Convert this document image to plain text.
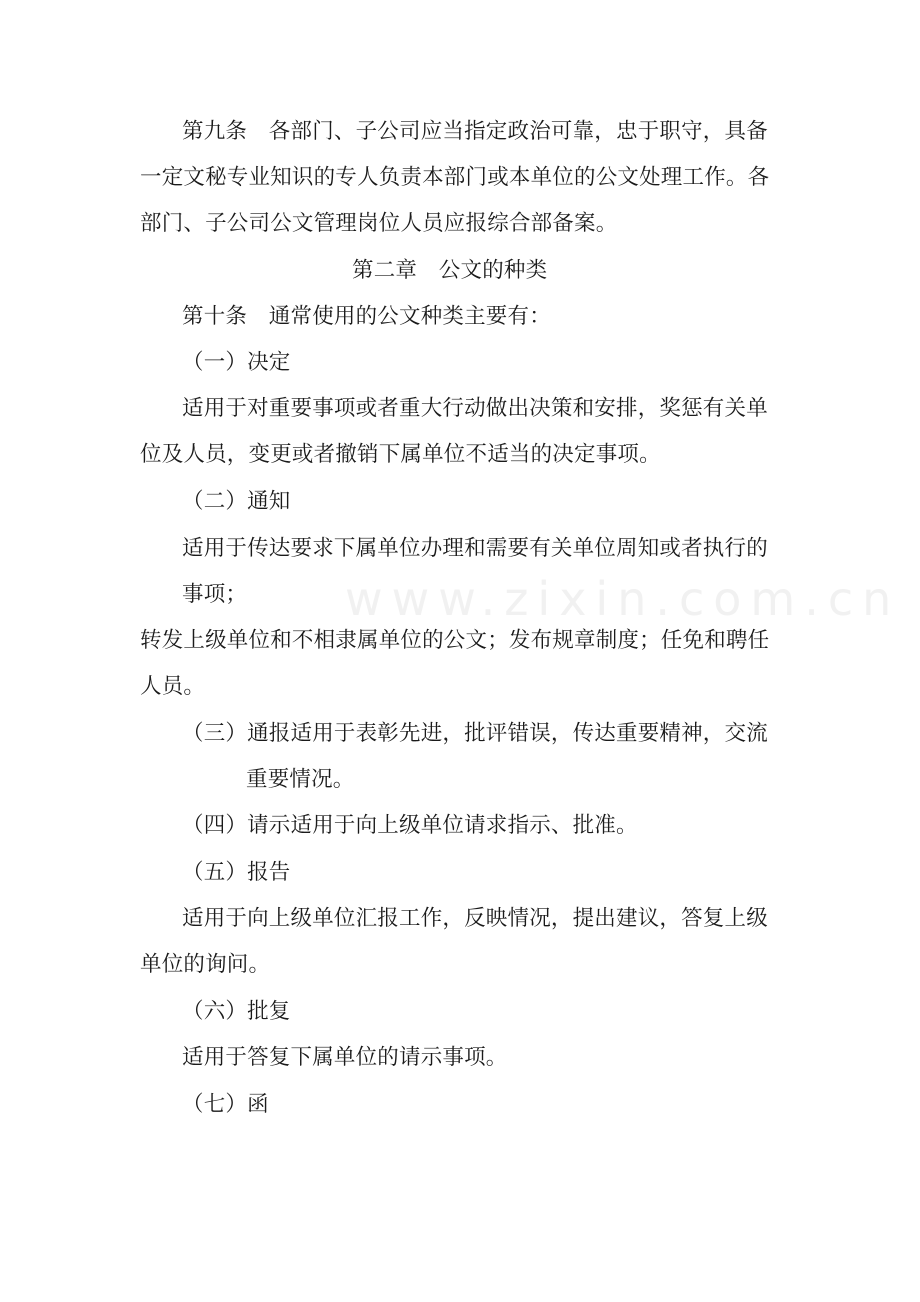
www.zixin.com.cn
第九条　各部门、子公司应当指定政治可靠，忠于职守，具备
一定文秘专业知识的专人负责本部门或本单位的公文处理工作。各
部门、子公司公文管理岗位人员应报综合部备案。
第二章　公文的种类
第十条　通常使用的公文种类主要有：
（一）决定
适用于对重要事项或者重大行动做出决策和安排，奖惩有关单
位及人员，变更或者撤销下属单位不适当的决定事项。
（二）通知
适用于传达要求下属单位办理和需要有关单位周知或者执行的
事项；
转发上级单位和不相隶属单位的公文；发布规章制度；任免和聘任
人员。
（三）通报适用于表彰先进，批评错误，传达重要精神，交流
重要情况。
（四）请示适用于向上级单位请求指示、批准。
（五）报告
适用于向上级单位汇报工作，反映情况，提出建议，答复上级
单位的询问。
（六）批复
适用于答复下属单位的请示事项。
（七）函
